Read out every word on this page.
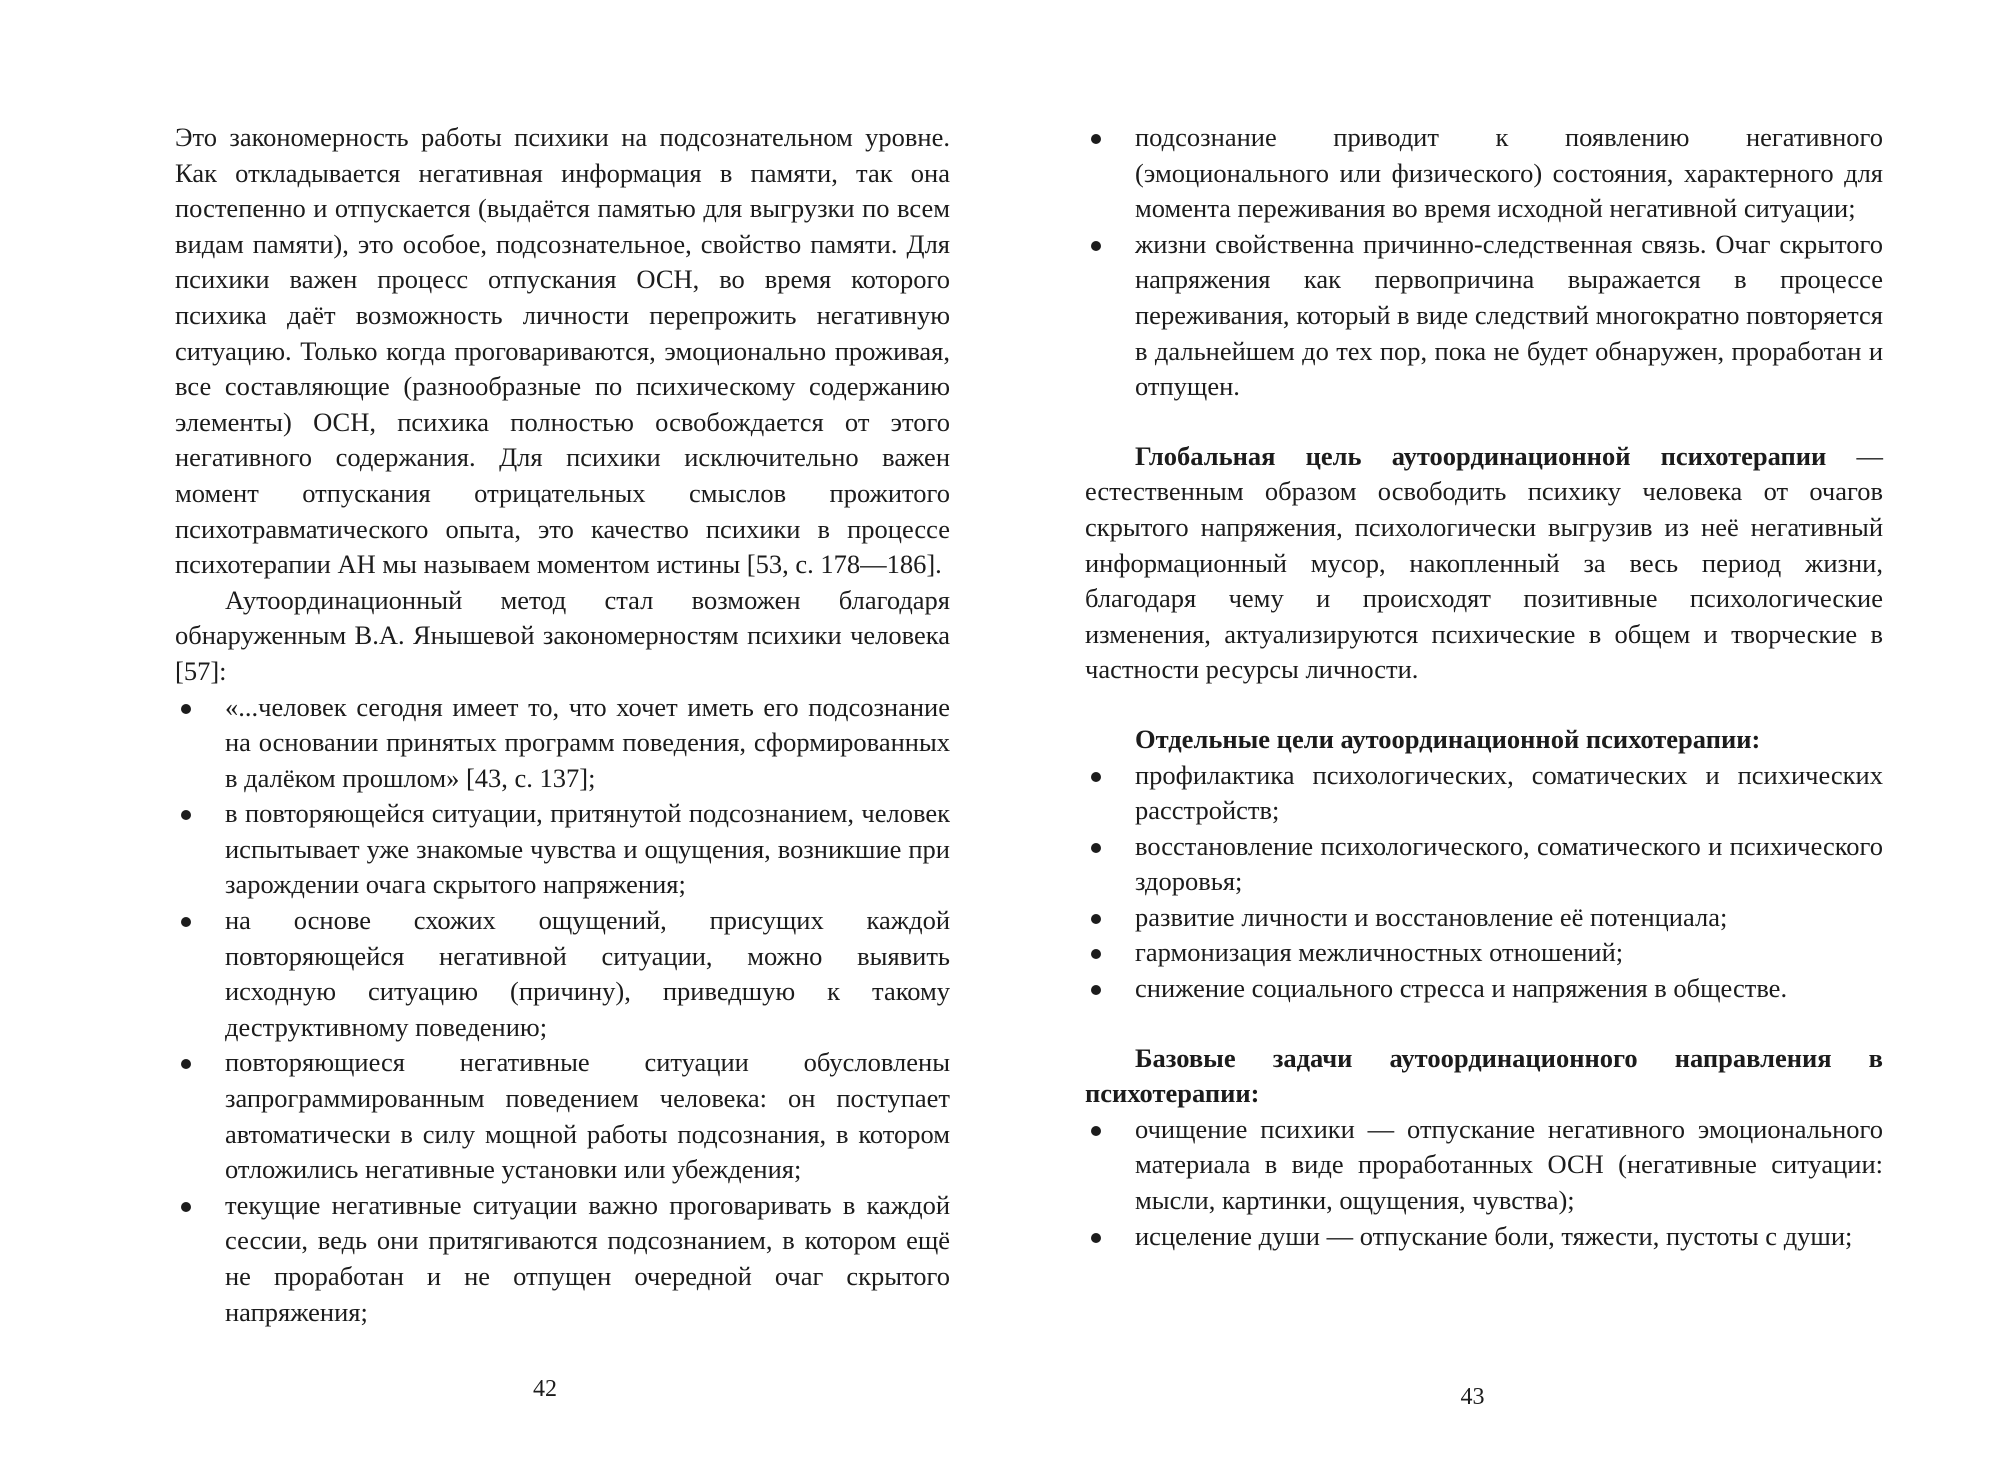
Это закономерность работы психики на подсознательном уровне. Как откладывается негативная информация в памяти, так она постепенно и отпускается (выдаётся памятью для выгрузки по всем видам памяти), это особое, подсознательное, свойство памяти. Для психики важен процесс отпускания ОСН, во время которого психика даёт возможность личности перепрожить негативную ситуацию. Только когда проговариваются, эмоционально проживая, все составляющие (разнообразные по психическому содержанию элементы) ОСН, психика полностью освобождается от этого негативного содержания. Для психики исключительно важен момент отпускания отрицательных смыслов прожитого психотравматического опыта, это качество психики в процессе психотерапии АН мы называем моментом истины [53, с. 178—186].

Аутоординационный метод стал возможен благодаря обнаруженным В.А. Янышевой закономерностям психики человека [57]:

«...человек сегодня имеет то, что хочет иметь его подсознание на основании принятых программ поведения, сформированных в далёком прошлом» [43, с. 137];
в повторяющейся ситуации, притянутой подсознанием, человек испытывает уже знакомые чувства и ощущения, возникшие при зарождении очага скрытого напряжения;
на основе схожих ощущений, присущих каждой повторяющейся негативной ситуации, можно выявить исходную ситуацию (причину), приведшую к такому деструктивному поведению;
повторяющиеся негативные ситуации обусловлены запрограммированным поведением человека: он поступает автоматически в силу мощной работы подсознания, в котором отложились негативные установки или убеждения;
текущие негативные ситуации важно проговаривать в каждой сессии, ведь они притягиваются подсознанием, в котором ещё не проработан и не отпущен очередной очаг скрытого напряжения;
42
подсознание приводит к появлению негативного (эмоционального или физического) состояния, характерного для момента переживания во время исходной негативной ситуации;
жизни свойственна причинно-следственная связь. Очаг скрытого напряжения как первопричина выражается в процессе переживания, который в виде следствий многократно повторяется в дальнейшем до тех пор, пока не будет обнаружен, проработан и отпущен.

Глобальная цель аутоординационной психотерапии — естественным образом освободить психику человека от очагов скрытого напряжения, психологически выгрузив из неё негативный информационный мусор, накопленный за весь период жизни, благодаря чему и происходят позитивные психологические изменения, актуализируются психические в общем и творческие в частности ресурсы личности.

Отдельные цели аутоординационной психотерапии:

профилактика психологических, соматических и психических расстройств;
восстановление психологического, соматического и психического здоровья;
развитие личности и восстановление её потенциала;
гармонизация межличностных отношений;
снижение социального стресса и напряжения в обществе.

Базовые задачи аутоординационного направления в психотерапии:

очищение психики — отпускание негативного эмоционального материала в виде проработанных ОСН (негативные ситуации: мысли, картинки, ощущения, чувства);
исцеление души — отпускание боли, тяжести, пустоты с души;
43
